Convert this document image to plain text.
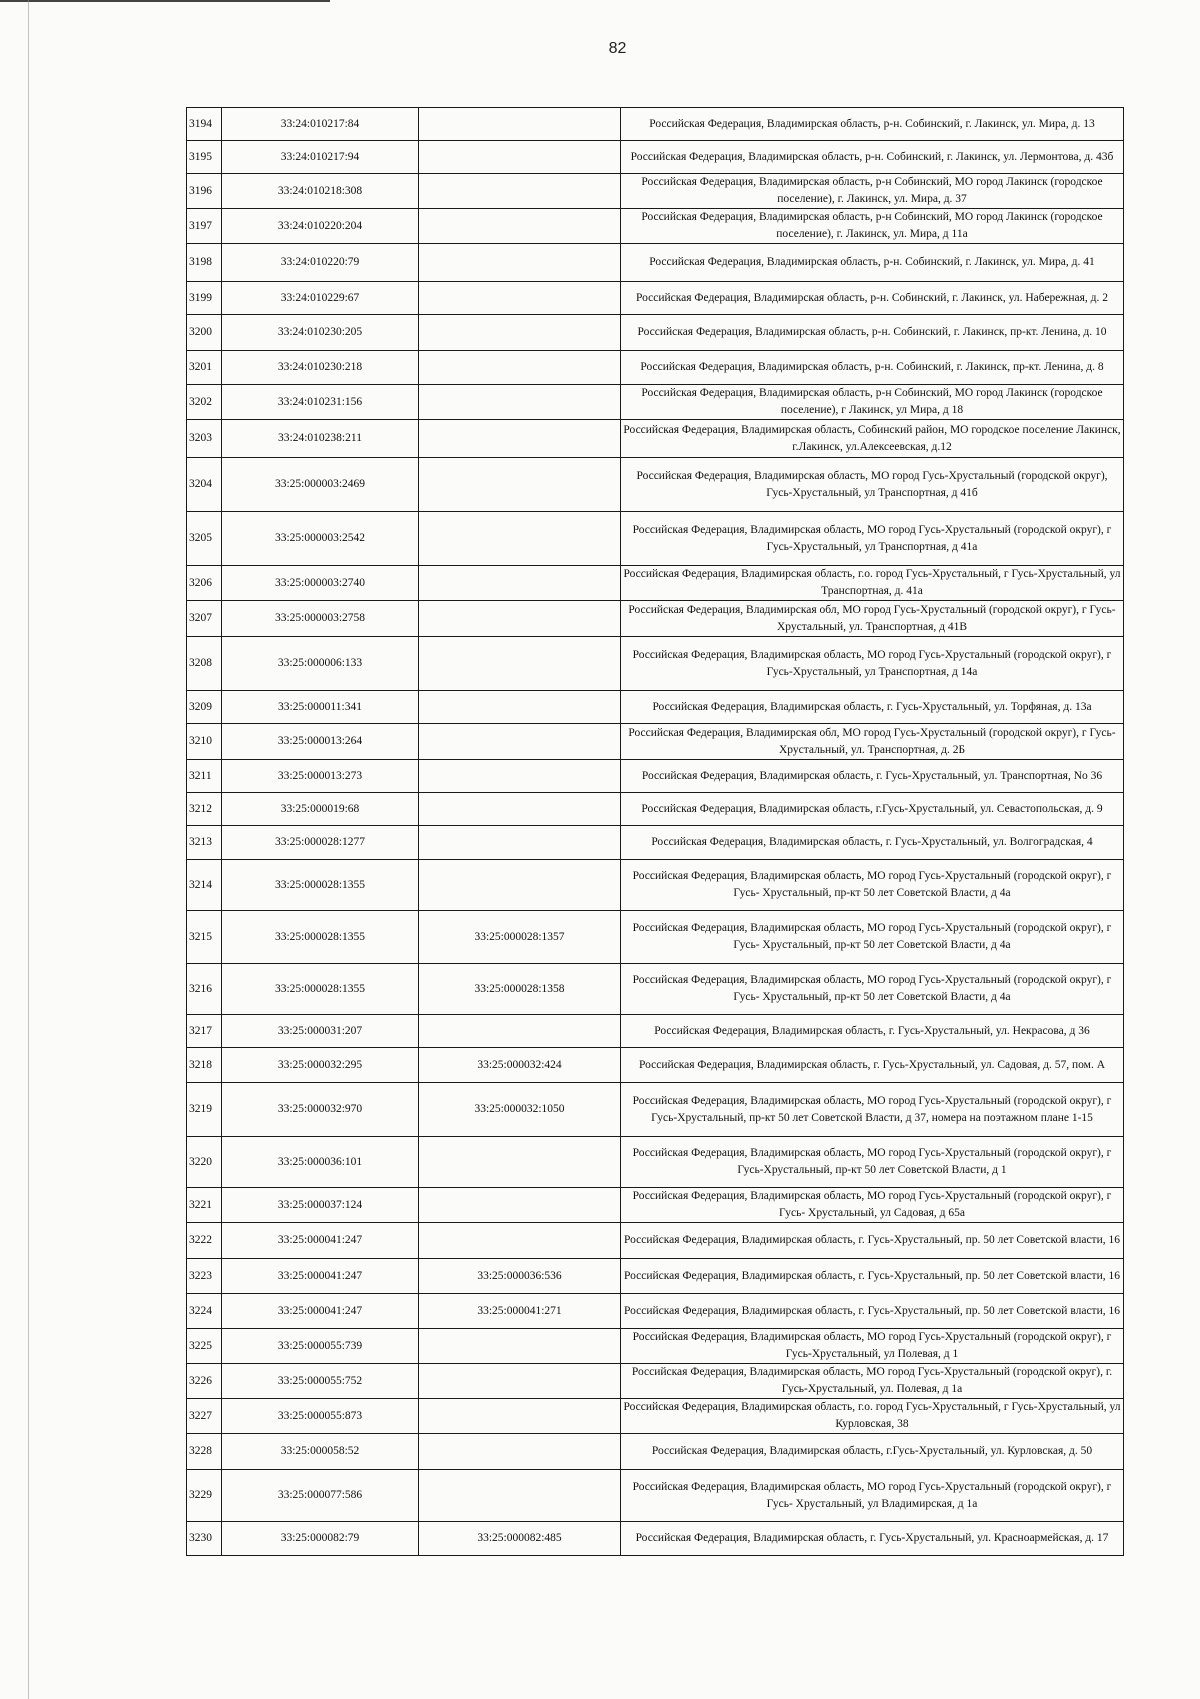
82
3194	33:24:010217:84		Российская Федерация, Владимирская область, р-н. Собинский, г. Лакинск, ул. Мира, д. 13
3195	33:24:010217:94		Российская Федерация, Владимирская область, р-н. Собинский, г. Лакинск, ул. Лермонтова, д. 43б
3196	33:24:010218:308		Российская Федерация, Владимирская область, р-н Собинский, МО город Лакинск (городское поселение), г. Лакинск, ул. Мира, д. 37
3197	33:24:010220:204		Российская Федерация, Владимирская область, р-н Собинский, МО город Лакинск (городское поселение), г. Лакинск, ул. Мира, д 11а
3198	33:24:010220:79		Российская Федерация, Владимирская область, р-н. Собинский, г. Лакинск, ул. Мира, д. 41
3199	33:24:010229:67		Российская Федерация, Владимирская область, р-н. Собинский, г. Лакинск, ул. Набережная, д. 2
3200	33:24:010230:205		Российская Федерация, Владимирская область, р-н. Собинский, г. Лакинск, пр-кт. Ленина, д. 10
3201	33:24:010230:218		Российская Федерация, Владимирская область, р-н. Собинский, г. Лакинск, пр-кт. Ленина, д. 8
3202	33:24:010231:156		Российская Федерация, Владимирская область, р-н Собинский, МО город Лакинск (городское поселение), г Лакинск, ул Мира, д 18
3203	33:24:010238:211		Российская Федерация, Владимирская область, Собинский район, МО городское поселение Лакинск, г.Лакинск, ул.Алексеевская, д.12
3204	33:25:000003:2469		Российская Федерация, Владимирская область, МО город Гусь-Хрустальный (городской округ), Гусь-Хрустальный, ул Транспортная, д 41б
3205	33:25:000003:2542		Российская Федерация, Владимирская область, МО город Гусь-Хрустальный (городской округ), г Гусь-Хрустальный, ул Транспортная, д 41а
3206	33:25:000003:2740		Российская Федерация, Владимирская область, г.о. город Гусь-Хрустальный, г Гусь-Хрустальный, ул Транспортная, д. 41а
3207	33:25:000003:2758		Российская Федерация, Владимирская обл, МО город Гусь-Хрустальный (городской округ), г Гусь-Хрустальный, ул. Транспортная, д 41В
3208	33:25:000006:133		Российская Федерация, Владимирская область, МО город Гусь-Хрустальный (городской округ), г Гусь-Хрустальный, ул Транспортная, д 14а
3209	33:25:000011:341		Российская Федерация, Владимирская область, г. Гусь-Хрустальный, ул. Торфяная, д. 13а
3210	33:25:000013:264		Российская Федерация, Владимирская обл, МО город Гусь-Хрустальный (городской округ), г Гусь-Хрустальный, ул. Транспортная, д. 2Б
3211	33:25:000013:273		Российская Федерация, Владимирская область, г. Гусь-Хрустальный, ул. Транспортная, No 36
3212	33:25:000019:68		Российская Федерация, Владимирская область, г.Гусь-Хрустальный, ул. Севастопольская, д. 9
3213	33:25:000028:1277		Российская Федерация, Владимирская область, г. Гусь-Хрустальный, ул. Волгоградская, 4
3214	33:25:000028:1355		Российская Федерация, Владимирская область, МО город Гусь-Хрустальный (городской округ), г Гусь- Хрустальный, пр-кт 50 лет Советской Власти, д 4а
3215	33:25:000028:1355	33:25:000028:1357	Российская Федерация, Владимирская область, МО город Гусь-Хрустальный (городской округ), г Гусь- Хрустальный, пр-кт 50 лет Советской Власти, д 4а
3216	33:25:000028:1355	33:25:000028:1358	Российская Федерация, Владимирская область, МО город Гусь-Хрустальный (городской округ), г Гусь- Хрустальный, пр-кт 50 лет Советской Власти, д 4а
3217	33:25:000031:207		Российская Федерация, Владимирская область, г. Гусь-Хрустальный, ул. Некрасова, д 36
3218	33:25:000032:295	33:25:000032:424	Российская Федерация, Владимирская область, г. Гусь-Хрустальный, ул. Садовая, д. 57, пом. А
3219	33:25:000032:970	33:25:000032:1050	Российская Федерация, Владимирская область, МО город Гусь-Хрустальный (городской округ), г Гусь-Хрустальный, пр-кт 50 лет Советской Власти, д 37, номера на поэтажном плане 1-15
3220	33:25:000036:101		Российская Федерация, Владимирская область, МО город Гусь-Хрустальный (городской округ), г Гусь-Хрустальный, пр-кт 50 лет Советской Власти, д 1
3221	33:25:000037:124		Российская Федерация, Владимирская область, МО город Гусь-Хрустальный (городской округ), г Гусь- Хрустальный, ул Садовая, д 65а
3222	33:25:000041:247		Российская Федерация, Владимирская область, г. Гусь-Хрустальный, пр. 50 лет Советской власти, 16
3223	33:25:000041:247	33:25:000036:536	Российская Федерация, Владимирская область, г. Гусь-Хрустальный, пр. 50 лет Советской власти, 16
3224	33:25:000041:247	33:25:000041:271	Российская Федерация, Владимирская область, г. Гусь-Хрустальный, пр. 50 лет Советской власти, 16
3225	33:25:000055:739		Российская Федерация, Владимирская область, МО город Гусь-Хрустальный (городской округ), г Гусь-Хрустальный, ул Полевая, д 1
3226	33:25:000055:752		Российская Федерация, Владимирская область, МО город Гусь-Хрустальный (городской округ), г. Гусь-Хрустальный, ул. Полевая, д 1а
3227	33:25:000055:873		Российская Федерация, Владимирская область, г.о. город Гусь-Хрустальный, г Гусь-Хрустальный, ул Курловская, 38
3228	33:25:000058:52		Российская Федерация, Владимирская область, г.Гусь-Хрустальный, ул. Курловская, д. 50
3229	33:25:000077:586		Российская Федерация, Владимирская область, МО город Гусь-Хрустальный (городской округ), г Гусь- Хрустальный, ул Владимирская, д 1а
3230	33:25:000082:79	33:25:000082:485	Российская Федерация, Владимирская область, г. Гусь-Хрустальный, ул. Красноармейская, д. 17
